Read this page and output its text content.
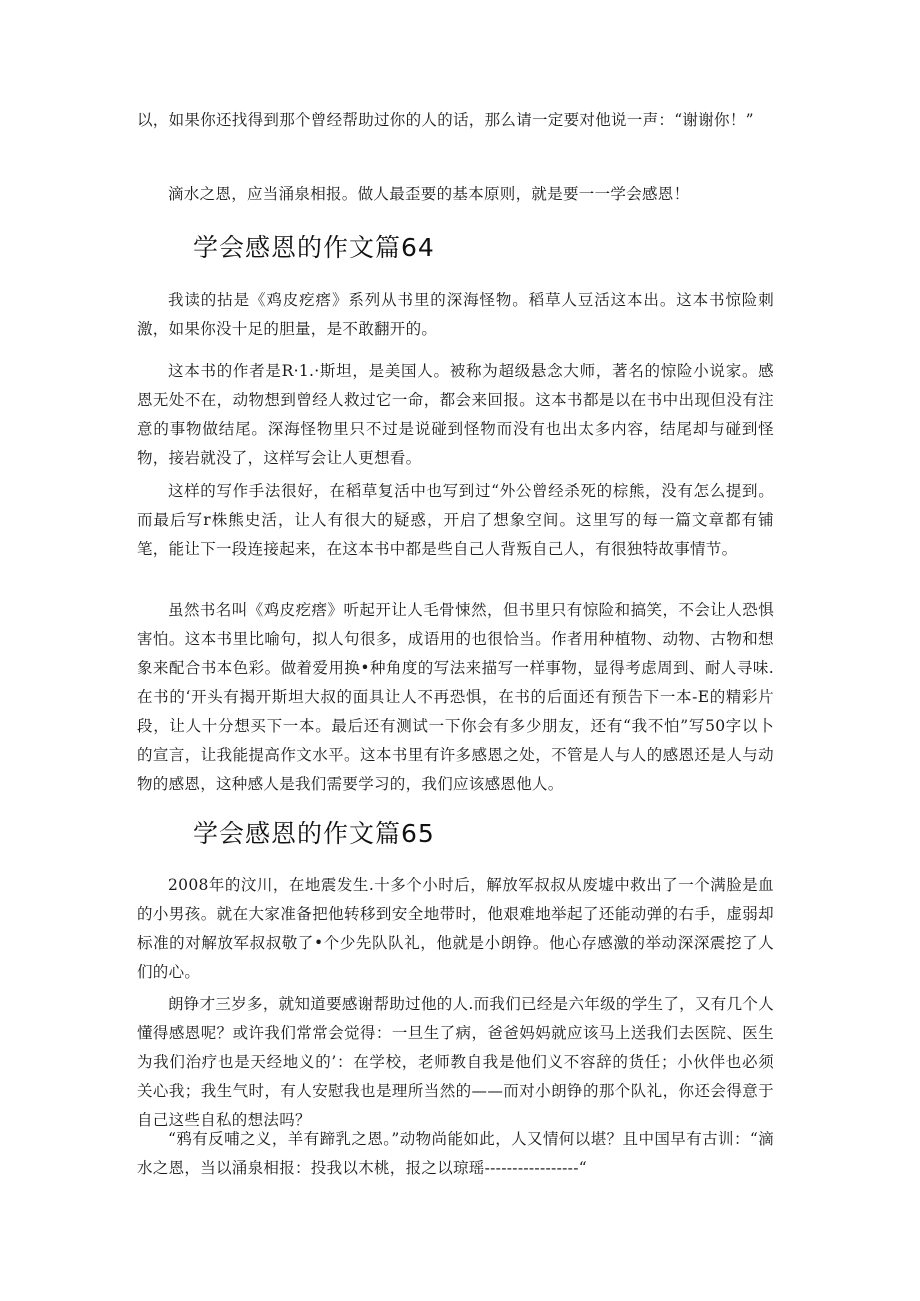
以，如果你还找得到那个曾经帮助过你的人的话，那么请一定要对他说一声：“谢谢你！”

滴水之恩，应当涌泉相报。做人最歪要的基本原则，就是要一一学会感恩！

学会感恩的作文篇64

我读的拈是《鸡皮疙瘩》系列从书里的深海怪物。稻草人豆活这本出。这本书惊险刺激，如果你没十足的胆量，是不敢翻开的。

这本书的作者是R·1.·斯坦，是美国人。被称为超级悬念大师，著名的惊险小说家。感恩无处不在，动物想到曾经人救过它一命，都会来回报。这本书都是以在书中出现但没有注意的事物做结尾。深海怪物里只不过是说碰到怪物而没有也出太多内容，结尾却与碰到怪物，接岩就没了，这样写会让人更想看。

这样的写作手法很好，在稻草复活中也写到过“外公曾经杀死的棕熊，没有怎么提到。而最后写r株熊史活，让人有很大的疑惑，开启了想象空间。这里写的每一篇文章都有铺笔，能让下一段连接起来，在这本书中都是些自己人背叛自己人，有很独特故事情节。

虽然书名叫《鸡皮疙瘩》听起开让人毛骨悚然，但书里只有惊险和搞笑，不会让人恐惧害怕。这本书里比喻句，拟人句很多，成语用的也很恰当。作者用种植物、动物、古物和想象来配合书本色彩。做着爱用换•种角度的写法来描写一样事物，显得考虑周到、耐人寻味.在书的‘开头有揭开斯坦大叔的面具让人不再恐惧，在书的后面还有预告下一本-E的精彩片段，让人十分想买下一本。最后还有测试一下你会有多少朋友，还有“我不怕”写50字以卜的宣言，让我能提高作文水平。这本书里有许多感恩之处，不管是人与人的感恩还是人与动物的感恩，这种感人是我们需要学习的，我们应该感恩他人。

学会感恩的作文篇65

2008年的汶川，在地震发生.十多个小时后，解放军叔叔从废墟中救出了一个满脸是血的小男孩。就在大家准备把他转移到安全地带时，他艰难地举起了还能动弹的右手，虚弱却标准的对解放军叔叔敬了•个少先队队礼，他就是小朗铮。他心存感激的举动深深震挖了人们的心。

朗铮才三岁多，就知道要感谢帮助过他的人.而我们已经是六年级的学生了，又有几个人懂得感恩呢？或许我们常常会觉得：一旦生了病，爸爸妈妈就应该马上送我们去医院、医生为我们治疗也是天经地义的’：在学校，老师教自我是他们义不容辞的货任；小伙伴也必须关心我；我生气时，有人安慰我也是理所当然的——而对小朗铮的那个队礼，你还会得意于自己这些自私的想法吗？

“鸦有反哺之义，羊有蹄乳之恩。”动物尚能如此，人又情何以堪？且中国早有古训：“滴水之恩，当以涌泉相报：投我以木桃，报之以琼瑶-----------------“
